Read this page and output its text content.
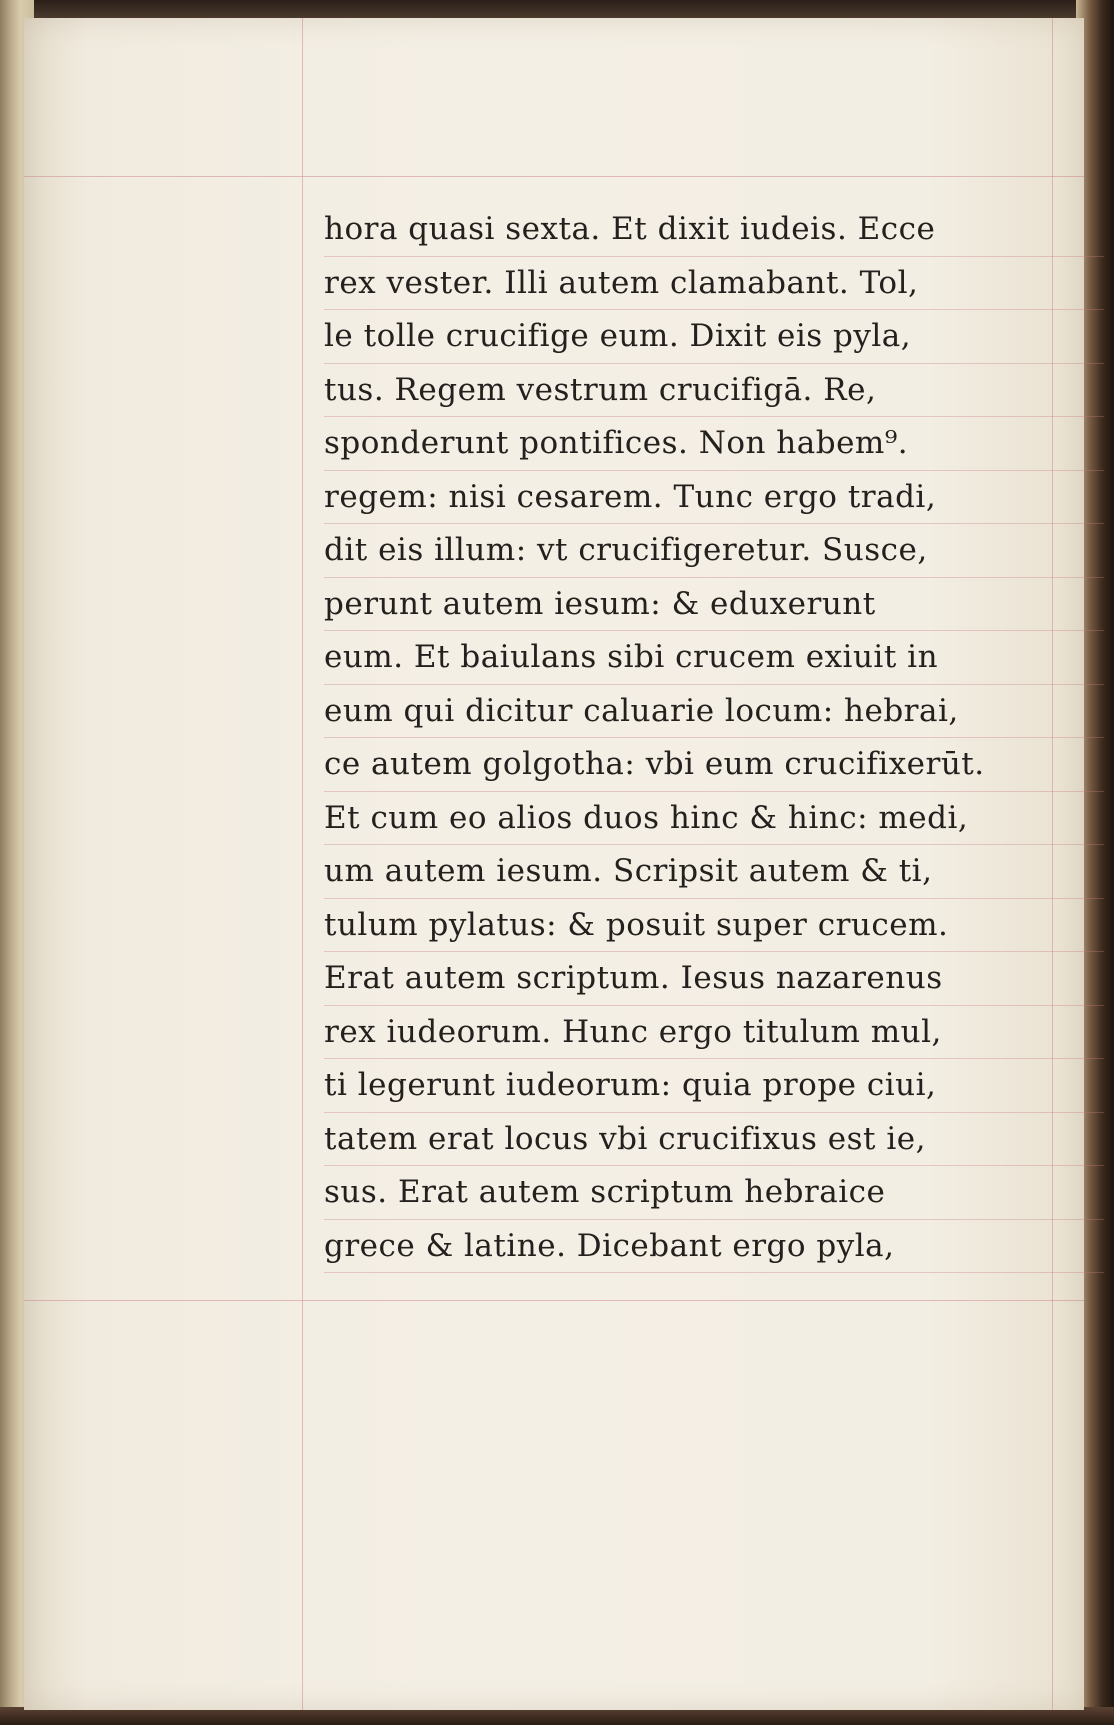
hora quasi sexta. Et dixit iudeis. Ecce
rex vester. Illi autem clamabant. Tol,
le tolle crucifige eum. Dixit eis pyla,
tus. Regem vestrum crucifigā. Re,
sponderunt pontifices. Non habem⁹.
regem: nisi cesarem. Tunc ergo tradi,
dit eis illum: vt crucifigeretur. Susce,
perunt autem iesum: & eduxerunt
eum. Et baiulans sibi crucem exiuit in
eum qui dicitur caluarie locum: hebrai,
ce autem golgotha: vbi eum crucifixerūt.
Et cum eo alios duos hinc & hinc: medi,
um autem iesum. Scripsit autem & ti,
tulum pylatus: & posuit super crucem.
Erat autem scriptum. Iesus nazarenus
rex iudeorum. Hunc ergo titulum mul,
ti legerunt iudeorum: quia prope ciui,
tatem erat locus vbi crucifixus est ie,
sus. Erat autem scriptum hebraice
grece & latine. Dicebant ergo pyla,
